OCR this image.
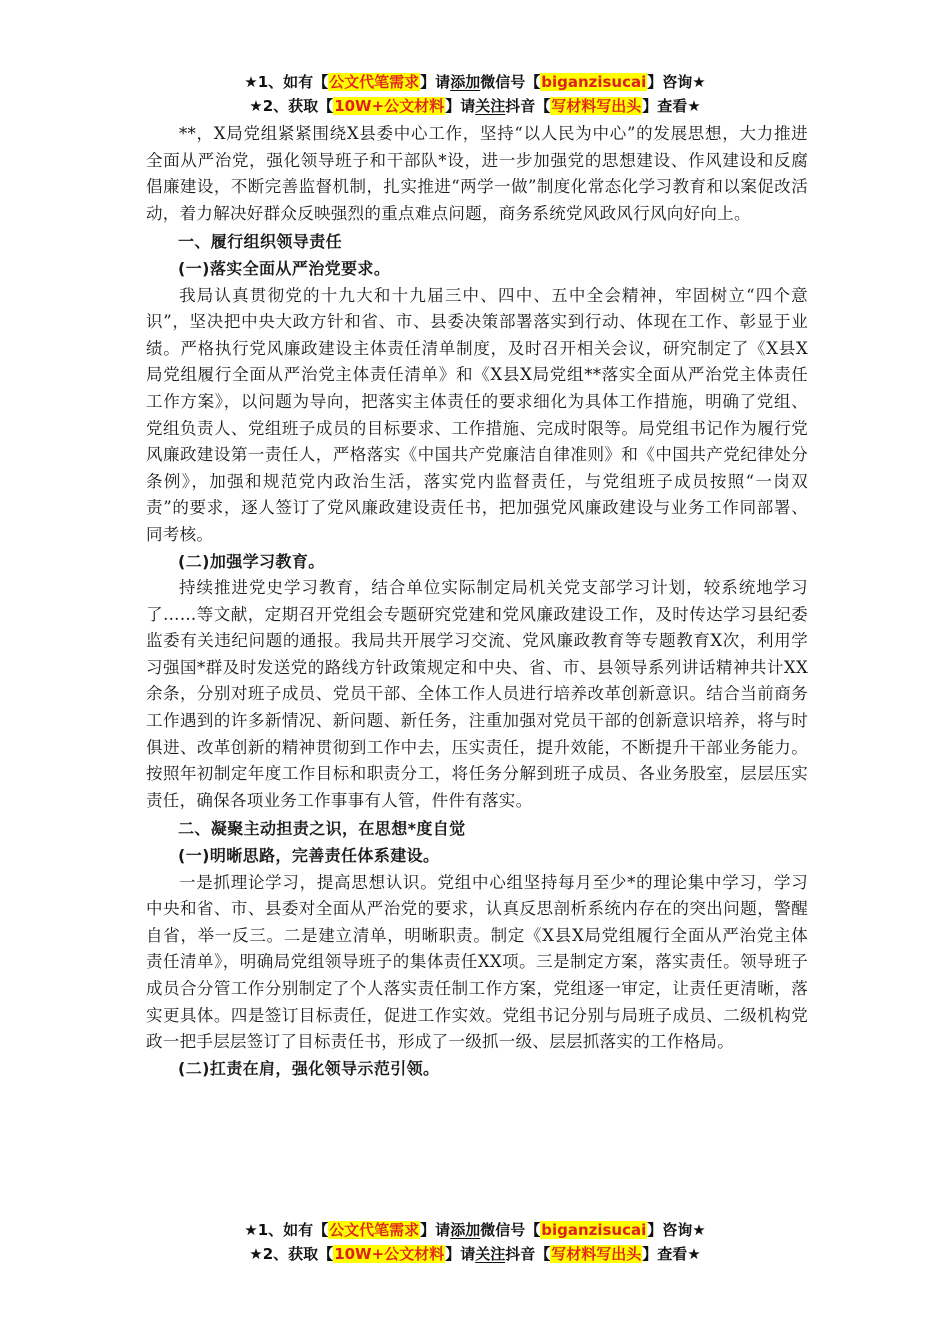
★1、如有【公文代笔需求】请添加微信号【biganzisucai】咨询★
★2、获取【10W+公文材料】请关注抖音【写材料写出头】查看★

**，X局党组紧紧围绕X县委中心工作，坚持“以人民为中心”的发展思想，大力推进全面从严治党，强化领导班子和干部队*设，进一步加强党的思想建设、作风建设和反腐倡廉建设，不断完善监督机制，扎实推进“两学一做”制度化常态化学习教育和以案促改活动，着力解决好群众反映强烈的重点难点问题，商务系统党风政风行风向好向上。

一、履行组织领导责任

(一)落实全面从严治党要求。

我局认真贯彻党的十九大和十九届三中、四中、五中全会精神，牢固树立“四个意识”，坚决把中央大政方针和省、市、县委决策部署落实到行动、体现在工作、彰显于业绩。严格执行党风廉政建设主体责任清单制度，及时召开相关会议，研究制定了《X县X局党组履行全面从严治党主体责任清单》和《X县X局党组**落实全面从严治党主体责任工作方案》，以问题为导向，把落实主体责任的要求细化为具体工作措施，明确了党组、党组负责人、党组班子成员的目标要求、工作措施、完成时限等。局党组书记作为履行党风廉政建设第一责任人，严格落实《中国共产党廉洁自律准则》和《中国共产党纪律处分条例》，加强和规范党内政治生活，落实党内监督责任，与党组班子成员按照“一岗双责”的要求，逐人签订了党风廉政建设责任书，把加强党风廉政建设与业务工作同部署、同考核。

(二)加强学习教育。

持续推进党史学习教育，结合单位实际制定局机关党支部学习计划，较系统地学习了……等文献，定期召开党组会专题研究党建和党风廉政建设工作，及时传达学习县纪委监委有关违纪问题的通报。我局共开展学习交流、党风廉政教育等专题教育X次，利用学习强国*群及时发送党的路线方针政策规定和中央、省、市、县领导系列讲话精神共计XX余条，分别对班子成员、党员干部、全体工作人员进行培养改革创新意识。结合当前商务工作遇到的许多新情况、新问题、新任务，注重加强对党员干部的创新意识培养，将与时俱进、改革创新的精神贯彻到工作中去，压实责任，提升效能，不断提升干部业务能力。按照年初制定年度工作目标和职责分工，将任务分解到班子成员、各业务股室，层层压实责任，确保各项业务工作事事有人管，件件有落实。

二、凝聚主动担责之识，在思想*度自觉

(一)明晰思路，完善责任体系建设。

一是抓理论学习，提高思想认识。党组中心组坚持每月至少*的理论集中学习，学习中央和省、市、县委对全面从严治党的要求，认真反思剖析系统内存在的突出问题，警醒自省，举一反三。二是建立清单，明晰职责。制定《X县X局党组履行全面从严治党主体责任清单》，明确局党组领导班子的集体责任XX项。三是制定方案，落实责任。领导班子成员合分管工作分别制定了个人落实责任制工作方案，党组逐一审定，让责任更清晰，落实更具体。四是签订目标责任，促进工作实效。党组书记分别与局班子成员、二级机构党政一把手层层签订了目标责任书，形成了一级抓一级、层层抓落实的工作格局。

(二)扛责在肩，强化领导示范引领。

★1、如有【公文代笔需求】请添加微信号【biganzisucai】咨询★
★2、获取【10W+公文材料】请关注抖音【写材料写出头】查看★
